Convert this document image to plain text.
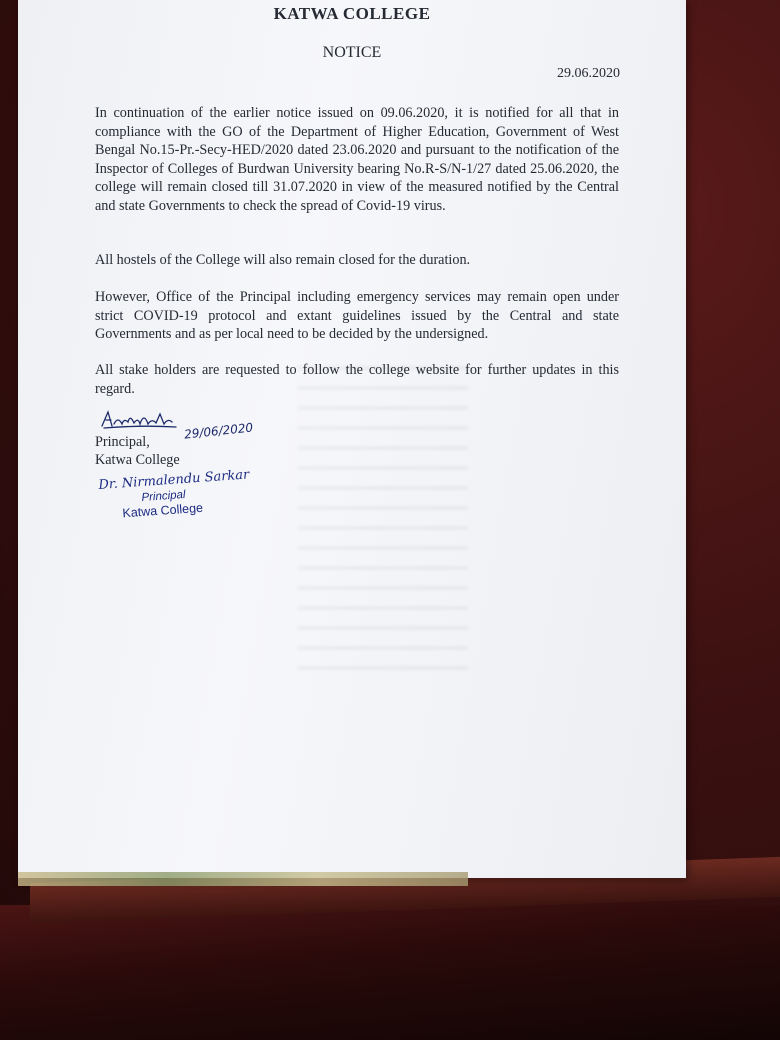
KATWA COLLEGE
NOTICE
29.06.2020
In continuation of the earlier notice issued on 09.06.2020, it is notified for all that in compliance with the GO of the Department of Higher Education, Government of West Bengal No.15-Pr.-Secy-HED/2020 dated 23.06.2020 and pursuant to the notification of the Inspector of Colleges of Burdwan University bearing No.R-S/N-1/27 dated 25.06.2020, the college will remain closed till 31.07.2020 in view of the measured notified by the Central and state Governments to check the spread of Covid-19 virus.
All hostels of the College will also remain closed for the duration.
However, Office of the Principal including emergency services may remain open under strict COVID-19 protocol and extant guidelines issued by the Central and state Governments and as per local need to be decided by the undersigned.
All stake holders are requested to follow the college website for further updates in this regard.
29/06/2020
Principal,
Katwa College
Dr. Nirmalendu Sarkar
Principal
Katwa College
